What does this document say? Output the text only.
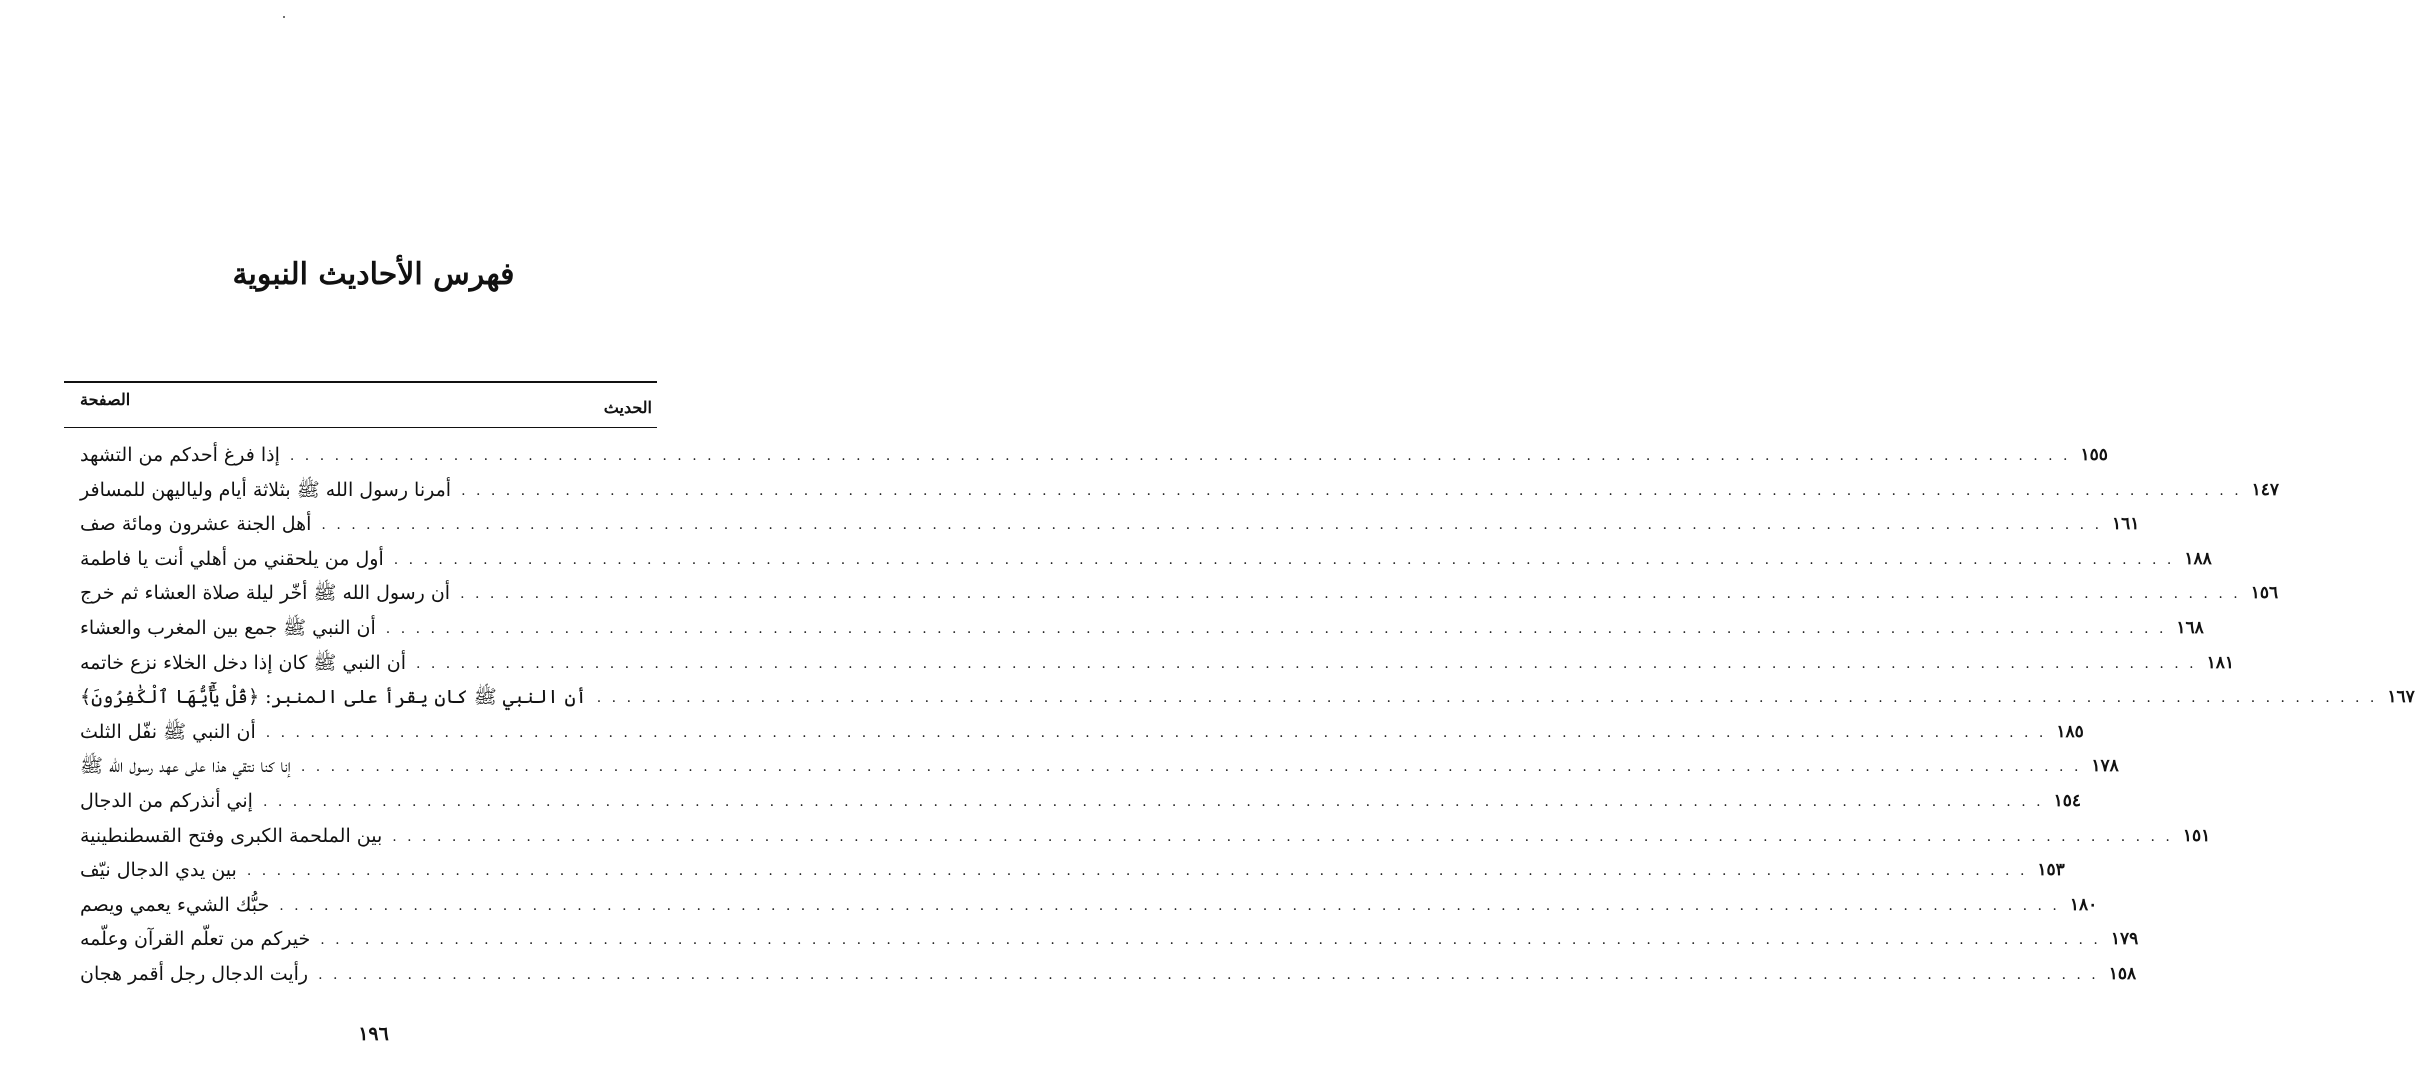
فهرس الأحاديث النبوية
الحديث
الصفحة
إذا فرغ أحدكم من التشهد . . . . . . . . . . . . . . . . . . . . . . . . . . . . . . . . . . . . . . . . . . . . . . . . . . . . . . . . . . . . . . . . . . . . . . . . . . . . . . . . . . . . . . . . . . . . . . . . . . . . . . . . . . . . . . . . . . . . . . . . ١٥٥
أمرنا رسول الله ﷺ بثلاثة أيام ولياليهن للمسافر . . . . . . . . . . . . . . . . . . . . . . . . . . . . . . . . . . . . . . . . . . . . . . . . . . . . . . . . . . . . . . . . . . . . . . . . . . . . . . . . . . . . . . . . . . . . . . . . . . . . . . . . . . . . . . . . . . . . . . . . ١٤٧
أهل الجنة عشرون ومائة صف . . . . . . . . . . . . . . . . . . . . . . . . . . . . . . . . . . . . . . . . . . . . . . . . . . . . . . . . . . . . . . . . . . . . . . . . . . . . . . . . . . . . . . . . . . . . . . . . . . . . . . . . . . . . . . . . . . . . . . . . ١٦١
أول من يلحقني من أهلي أنت يا فاطمة . . . . . . . . . . . . . . . . . . . . . . . . . . . . . . . . . . . . . . . . . . . . . . . . . . . . . . . . . . . . . . . . . . . . . . . . . . . . . . . . . . . . . . . . . . . . . . . . . . . . . . . . . . . . . . . . . . . . . . . . ١٨٨
أن رسول الله ﷺ أخّر ليلة صلاة العشاء ثم خرج . . . . . . . . . . . . . . . . . . . . . . . . . . . . . . . . . . . . . . . . . . . . . . . . . . . . . . . . . . . . . . . . . . . . . . . . . . . . . . . . . . . . . . . . . . . . . . . . . . . . . . . . . . . . . . . . . . . . . . . . ١٥٦
أن النبي ﷺ جمع بين المغرب والعشاء . . . . . . . . . . . . . . . . . . . . . . . . . . . . . . . . . . . . . . . . . . . . . . . . . . . . . . . . . . . . . . . . . . . . . . . . . . . . . . . . . . . . . . . . . . . . . . . . . . . . . . . . . . . . . . . . . . . . . . . . ١٦٨
أن النبي ﷺ كان إذا دخل الخلاء نزع خاتمه . . . . . . . . . . . . . . . . . . . . . . . . . . . . . . . . . . . . . . . . . . . . . . . . . . . . . . . . . . . . . . . . . . . . . . . . . . . . . . . . . . . . . . . . . . . . . . . . . . . . . . . . . . . . . . . . . . . . . . . . ١٨١
أن النبي ﷺ كان يقرأ على المنبر: ﴿قُلْ يَٰٓأَيُّهَا ٱلْكَٰفِرُونَ﴾ . . . . . . . . . . . . . . . . . . . . . . . . . . . . . . . . . . . . . . . . . . . . . . . . . . . . . . . . . . . . . . . . . . . . . . . . . . . . . . . . . . . . . . . . . . . . . . . . . . . . . . . . . . . . . . . . . . . . . . . . ١٦٧
أن النبي ﷺ نفّل الثلث . . . . . . . . . . . . . . . . . . . . . . . . . . . . . . . . . . . . . . . . . . . . . . . . . . . . . . . . . . . . . . . . . . . . . . . . . . . . . . . . . . . . . . . . . . . . . . . . . . . . . . . . . . . . . . . . . . . . . . . . ١٨٥
إنا كنا نتقي هذا على عهد رسول الله ﷺ . . . . . . . . . . . . . . . . . . . . . . . . . . . . . . . . . . . . . . . . . . . . . . . . . . . . . . . . . . . . . . . . . . . . . . . . . . . . . . . . . . . . . . . . . . . . . . . . . . . . . . . . . . . . . . . . . . . . . . . . ١٧٨
إني أنذركم من الدجال . . . . . . . . . . . . . . . . . . . . . . . . . . . . . . . . . . . . . . . . . . . . . . . . . . . . . . . . . . . . . . . . . . . . . . . . . . . . . . . . . . . . . . . . . . . . . . . . . . . . . . . . . . . . . . . . . . . . . . . . ١٥٤
بين الملحمة الكبرى وفتح القسطنطينية . . . . . . . . . . . . . . . . . . . . . . . . . . . . . . . . . . . . . . . . . . . . . . . . . . . . . . . . . . . . . . . . . . . . . . . . . . . . . . . . . . . . . . . . . . . . . . . . . . . . . . . . . . . . . . . . . . . . . . . . ١٥١
بين يدي الدجال نيّف . . . . . . . . . . . . . . . . . . . . . . . . . . . . . . . . . . . . . . . . . . . . . . . . . . . . . . . . . . . . . . . . . . . . . . . . . . . . . . . . . . . . . . . . . . . . . . . . . . . . . . . . . . . . . . . . . . . . . . . . ١٥٣
حبُّك الشيء يعمي ويصم . . . . . . . . . . . . . . . . . . . . . . . . . . . . . . . . . . . . . . . . . . . . . . . . . . . . . . . . . . . . . . . . . . . . . . . . . . . . . . . . . . . . . . . . . . . . . . . . . . . . . . . . . . . . . . . . . . . . . . . . ١٨٠
خيركم من تعلّم القرآن وعلّمه . . . . . . . . . . . . . . . . . . . . . . . . . . . . . . . . . . . . . . . . . . . . . . . . . . . . . . . . . . . . . . . . . . . . . . . . . . . . . . . . . . . . . . . . . . . . . . . . . . . . . . . . . . . . . . . . . . . . . . . . ١٧٩
رأيت الدجال رجل أقمر هجان . . . . . . . . . . . . . . . . . . . . . . . . . . . . . . . . . . . . . . . . . . . . . . . . . . . . . . . . . . . . . . . . . . . . . . . . . . . . . . . . . . . . . . . . . . . . . . . . . . . . . . . . . . . . . . . . . . . . . . . . ١٥٨
١٩٦
